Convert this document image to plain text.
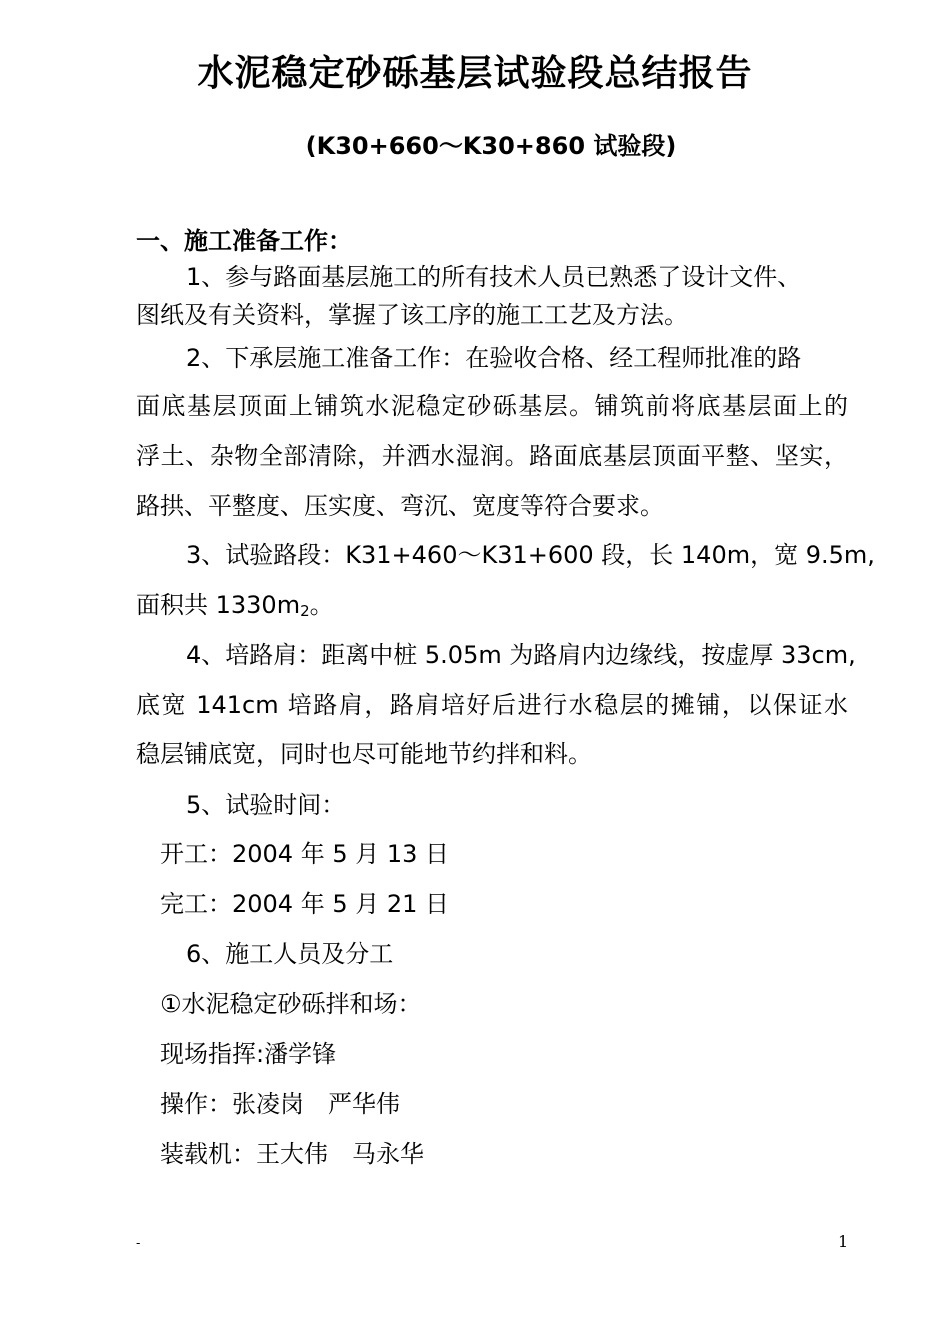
水泥稳定砂砾基层试验段总结报告
(K30+660～K30+860 试验段)
一、施工准备工作：
1、参与路面基层施工的所有技术人员已熟悉了设计文件、
图纸及有关资料，掌握了该工序的施工工艺及方法。
2、下承层施工准备工作：在验收合格、经工程师批准的路
面底基层顶面上铺筑水泥稳定砂砾基层。铺筑前将底基层面上的
浮土、杂物全部清除，并洒水湿润。路面底基层顶面平整、坚实，
路拱、平整度、压实度、弯沉、宽度等符合要求。
3、试验路段：K31+460～K31+600 段，长 140m，宽 9.5m,
面积共 $1330m_2$。
4、培路肩：距离中桩 5.05m 为路肩内边缘线，按虚厚 33cm,
底宽 141cm 培路肩，路肩培好后进行水稳层的摊铺，以保证水
稳层铺底宽，同时也尽可能地节约拌和料。
5、试验时间：
开工：2004 年 5 月 13 日
完工：2004 年 5 月 21 日
6、施工人员及分工
①水泥稳定砂砾拌和场：
现场指挥:潘学锋
操作：张凌岗　严华伟
装载机：王大伟　马永华
-	1
